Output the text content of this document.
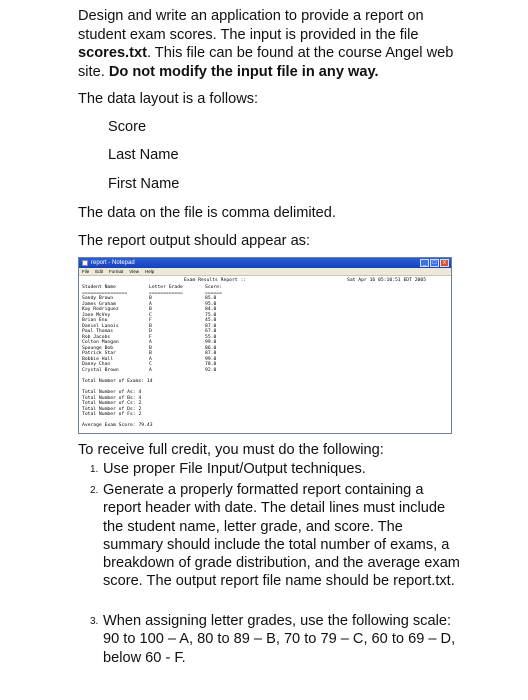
Design and write an application to provide a report on student exam scores. The input is provided in the file scores.txt. This file can be found at the course Angel web site. Do not modify the input file in any way.

The data layout is a follows:
Score
Last Name
First Name
The data on the file is comma delimited.
The report output should appear as:
report - Notepad	_	□	x
File Edit Format View Help
Exam Results Report ::	Sat Apr 16 05:10:51 EDT 2005
Student Name	Letter Grade	Score:
================	============	======
Sandy Brown	B	85.0
James Graham	A	95.0
Kay Rodriguez	B	84.0
Jane McVey	C	75.0
Brian Eno	F	45.0
Daniel Lanois	B	87.0
Paul Thomas	D	67.0
Rob Jacobs	F	55.0
Colton Mangan	A	99.0
Spounge Bob	B	86.0
Patrick Star	B	87.0
Bobbie Hall	A	99.0
Danny Chan	C	78.0
Crystal Brown	A	92.0
Total Number of Exams: 14
Total Number of As: 4
Total Number of Bs: 4
Total Number of Cs: 2
Total Number of Ds: 2
Total Number of Fs: 2
Average Exam Score: 79.43
To receive full credit, you must do the following:
1. Use proper File Input/Output techniques.
2. Generate a properly formatted report containing a report header with date. The detail lines must include the student name, letter grade, and score. The summary should include the total number of exams, a breakdown of grade distribution, and the average exam score. The output report file name should be report.txt.
3. When assigning letter grades, use the following scale: 90 to 100 – A, 80 to 89 – B, 70 to 79 – C, 60 to 69 – D, below 60 - F.
